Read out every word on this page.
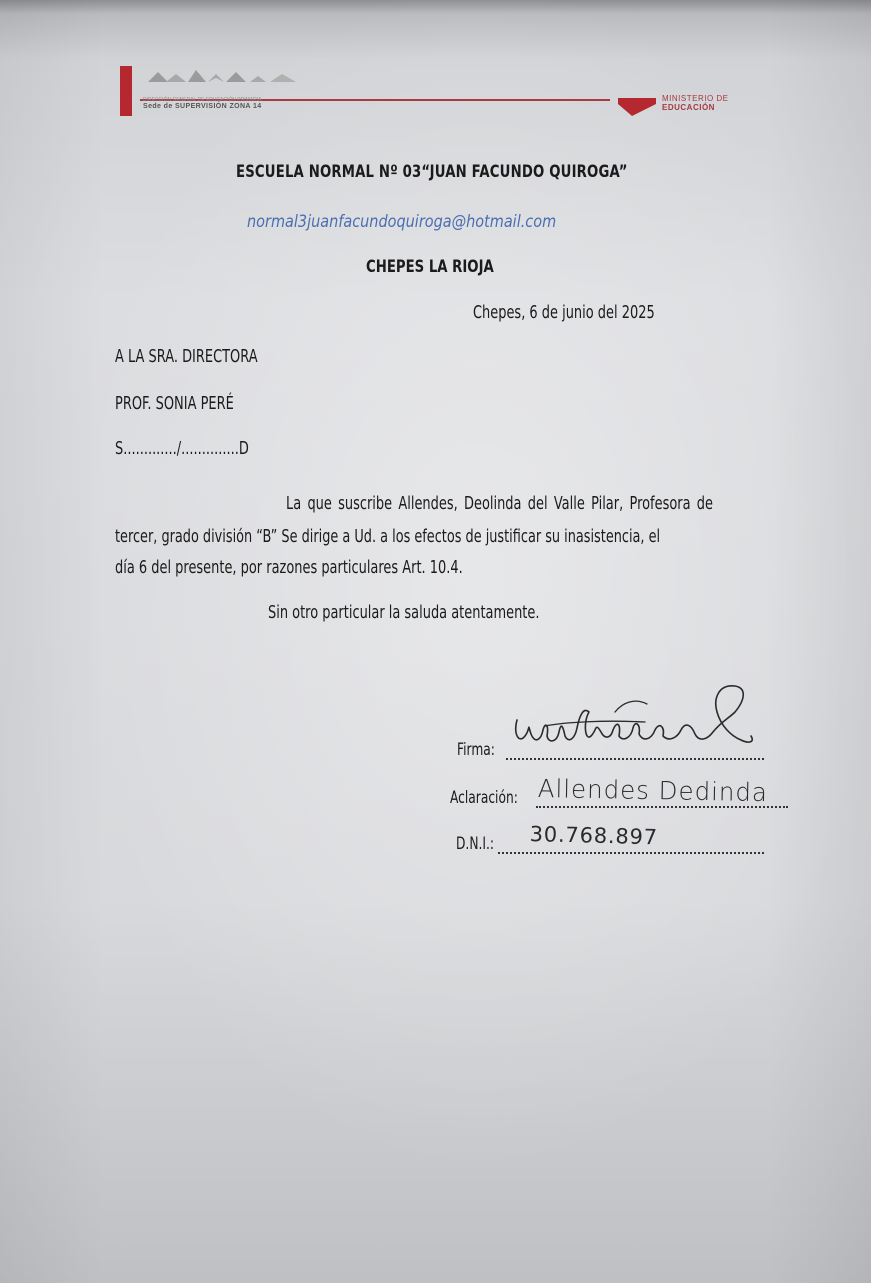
DIRECCIÓN GENERAL DE EDUCACIÓN PRIMARIA
Sede de SUPERVISIÓN ZONA 14
MINISTERIO DE
EDUCACIÓN
ESCUELA NORMAL Nº 03“JUAN FACUNDO QUIROGA”
normal3juanfacundoquiroga@hotmail.com
CHEPES LA RIOJA
Chepes, 6 de junio del 2025
A LA SRA. DIRECTORA
PROF. SONIA PERÉ
S............./..............D
La que suscribe Allendes, Deolinda del Valle Pilar, Profesora de
tercer, grado división “B” Se dirige a Ud. a los efectos de justificar su inasistencia, el
día 6 del presente, por razones particulares Art. 10.4.
Sin otro particular la saluda atentamente.
Firma:
Aclaración: Allendes Dedinda
D.N.I.: 30.768.897
